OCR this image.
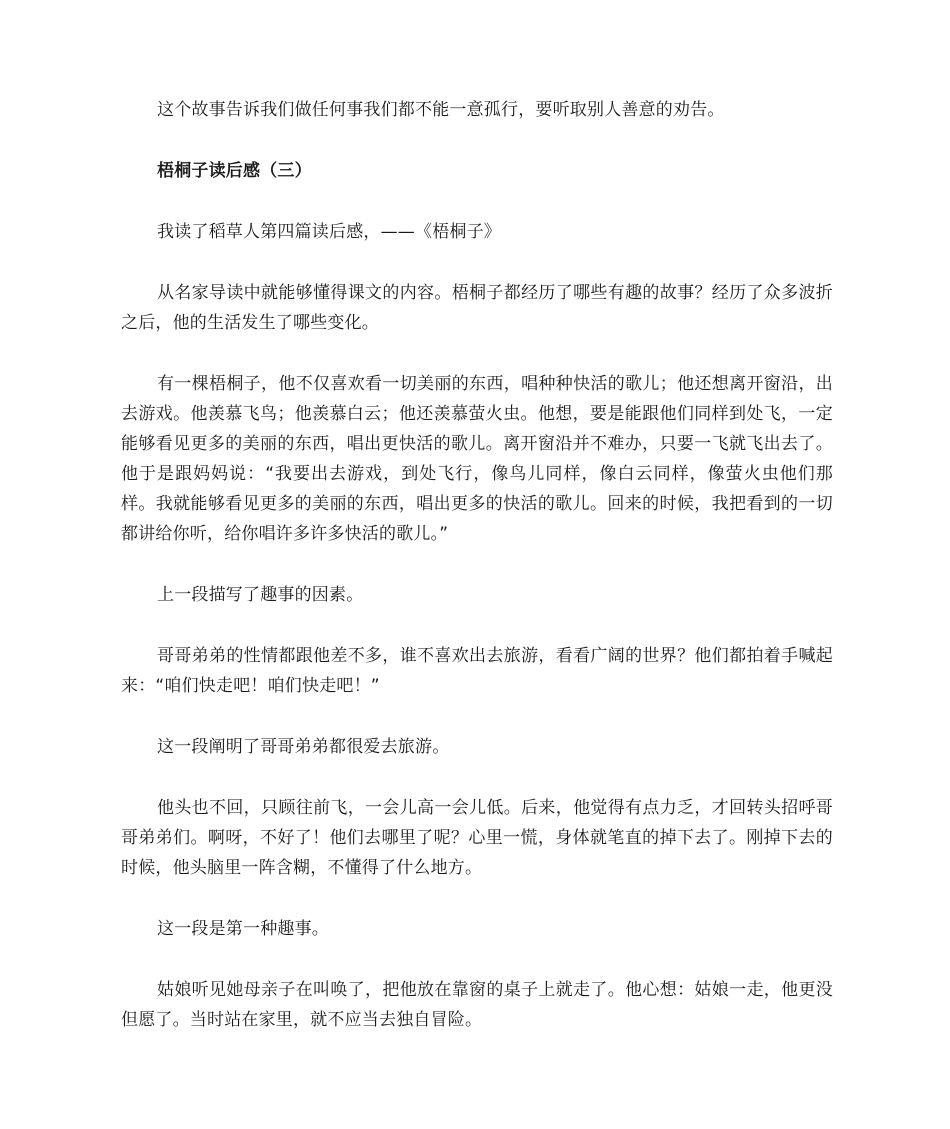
这个故事告诉我们做任何事我们都不能一意孤行，要听取别人善意的劝告。

梧桐子读后感（三）

我读了稻草人第四篇读后感，——《梧桐子》

从名家导读中就能够懂得课文的内容。梧桐子都经历了哪些有趣的故事？经历了众多波折之后，他的生活发生了哪些变化。

有一棵梧桐子，他不仅喜欢看一切美丽的东西，唱种种快活的歌儿；他还想离开窗沿，出去游戏。他羡慕飞鸟；他羡慕白云；他还羡慕萤火虫。他想，要是能跟他们同样到处飞，一定能够看见更多的美丽的东西，唱出更快活的歌儿。离开窗沿并不难办，只要一飞就飞出去了。他于是跟妈妈说：“我要出去游戏，到处飞行，像鸟儿同样，像白云同样，像萤火虫他们那样。我就能够看见更多的美丽的东西，唱出更多的快活的歌儿。回来的时候，我把看到的一切都讲给你听，给你唱许多许多快活的歌儿。”

上一段描写了趣事的因素。

哥哥弟弟的性情都跟他差不多，谁不喜欢出去旅游，看看广阔的世界？他们都拍着手喊起来：“咱们快走吧！咱们快走吧！”

这一段阐明了哥哥弟弟都很爱去旅游。

他头也不回，只顾往前飞，一会儿高一会儿低。后来，他觉得有点力乏，才回转头招呼哥哥弟弟们。啊呀，不好了！他们去哪里了呢？心里一慌，身体就笔直的掉下去了。刚掉下去的时候，他头脑里一阵含糊，不懂得了什么地方。

这一段是第一种趣事。

姑娘听见她母亲子在叫唤了，把他放在靠窗的桌子上就走了。他心想：姑娘一走，他更没但愿了。当时站在家里，就不应当去独自冒险。
